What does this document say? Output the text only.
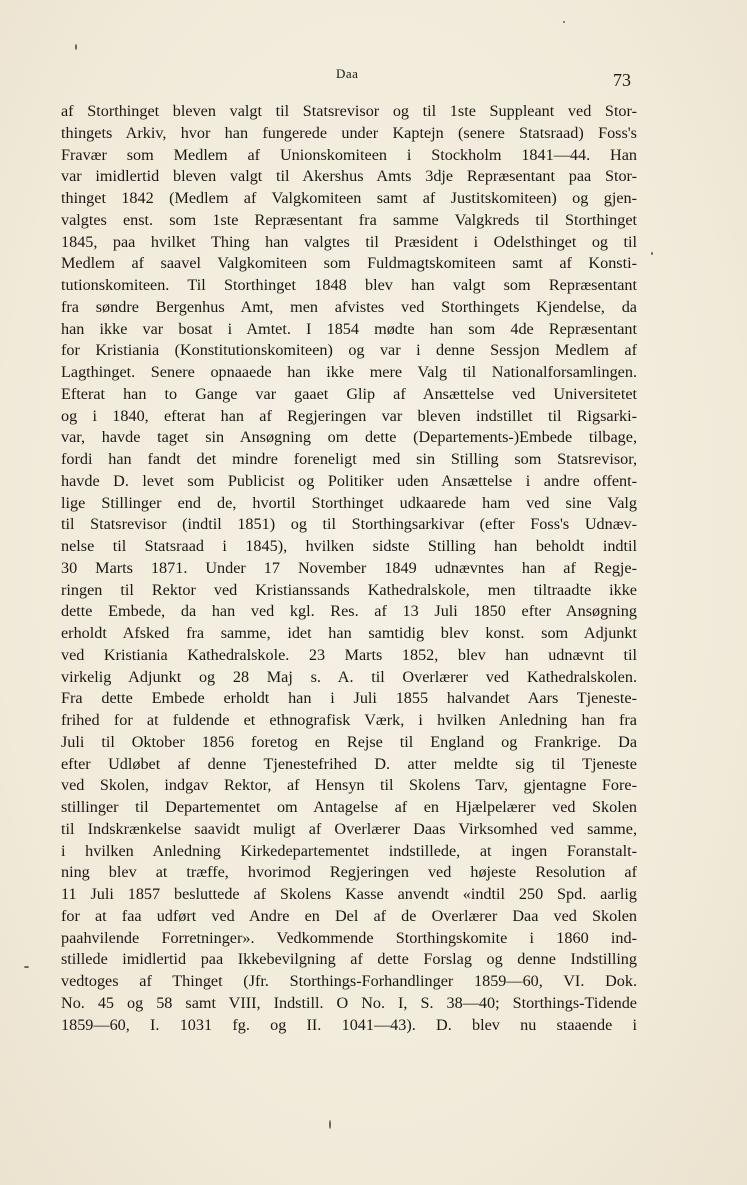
Daa	73
af Storthinget bleven valgt til Statsrevisor og til 1ste Suppleant ved Stor-
thingets Arkiv, hvor han fungerede under Kaptejn (senere Statsraad) Foss's
Fravær som Medlem af Unionskomiteen i Stockholm 1841—44. Han
var imidlertid bleven valgt til Akershus Amts 3dje Repræsentant paa Stor-
thinget 1842 (Medlem af Valgkomiteen samt af Justitskomiteen) og gjen-
valgtes enst. som 1ste Repræsentant fra samme Valgkreds til Storthinget
1845, paa hvilket Thing han valgtes til Præsident i Odelsthinget og til
Medlem af saavel Valgkomiteen som Fuldmagtskomiteen samt af Konsti-
tutionskomiteen. Til Storthinget 1848 blev han valgt som Repræsentant
fra søndre Bergenhus Amt, men afvistes ved Storthingets Kjendelse, da
han ikke var bosat i Amtet. I 1854 mødte han som 4de Repræsentant
for Kristiania (Konstitutionskomiteen) og var i denne Sessjon Medlem af
Lagthinget. Senere opnaaede han ikke mere Valg til Nationalforsamlingen.
Efterat han to Gange var gaaet Glip af Ansættelse ved Universitetet
og i 1840, efterat han af Regjeringen var bleven indstillet til Rigsarki-
var, havde taget sin Ansøgning om dette (Departements-)Embede tilbage,
fordi han fandt det mindre foreneligt med sin Stilling som Statsrevisor,
havde D. levet som Publicist og Politiker uden Ansættelse i andre offent-
lige Stillinger end de, hvortil Storthinget udkaarede ham ved sine Valg
til Statsrevisor (indtil 1851) og til Storthingsarkivar (efter Foss's Udnæv-
nelse til Statsraad i 1845), hvilken sidste Stilling han beholdt indtil
30 Marts 1871. Under 17 November 1849 udnævntes han af Regje-
ringen til Rektor ved Kristianssands Kathedralskole, men tiltraadte ikke
dette Embede, da han ved kgl. Res. af 13 Juli 1850 efter Ansøgning
erholdt Afsked fra samme, idet han samtidig blev konst. som Adjunkt
ved Kristiania Kathedralskole. 23 Marts 1852, blev han udnævnt til
virkelig Adjunkt og 28 Maj s. A. til Overlærer ved Kathedralskolen.
Fra dette Embede erholdt han i Juli 1855 halvandet Aars Tjeneste-
frihed for at fuldende et ethnografisk Værk, i hvilken Anledning han fra
Juli til Oktober 1856 foretog en Rejse til England og Frankrige. Da
efter Udløbet af denne Tjenestefrihed D. atter meldte sig til Tjeneste
ved Skolen, indgav Rektor, af Hensyn til Skolens Tarv, gjentagne Fore-
stillinger til Departementet om Antagelse af en Hjælpelærer ved Skolen
til Indskrænkelse saavidt muligt af Overlærer Daas Virksomhed ved samme,
i hvilken Anledning Kirkedepartementet indstillede, at ingen Foranstalt-
ning blev at træffe, hvorimod Regjeringen ved højeste Resolution af
11 Juli 1857 besluttede af Skolens Kasse anvendt «indtil 250 Spd. aarlig
for at faa udført ved Andre en Del af de Overlærer Daa ved Skolen
paahvilende Forretninger». Vedkommende Storthingskomite i 1860 ind-
stillede imidlertid paa Ikkebevilgning af dette Forslag og denne Indstilling
vedtoges af Thinget (Jfr. Storthings-Forhandlinger 1859—60, VI. Dok.
No. 45 og 58 samt VIII, Indstill. O No. I, S. 38—40; Storthings-Tidende
1859—60, I. 1031 fg. og II. 1041—43). D. blev nu staaende i
